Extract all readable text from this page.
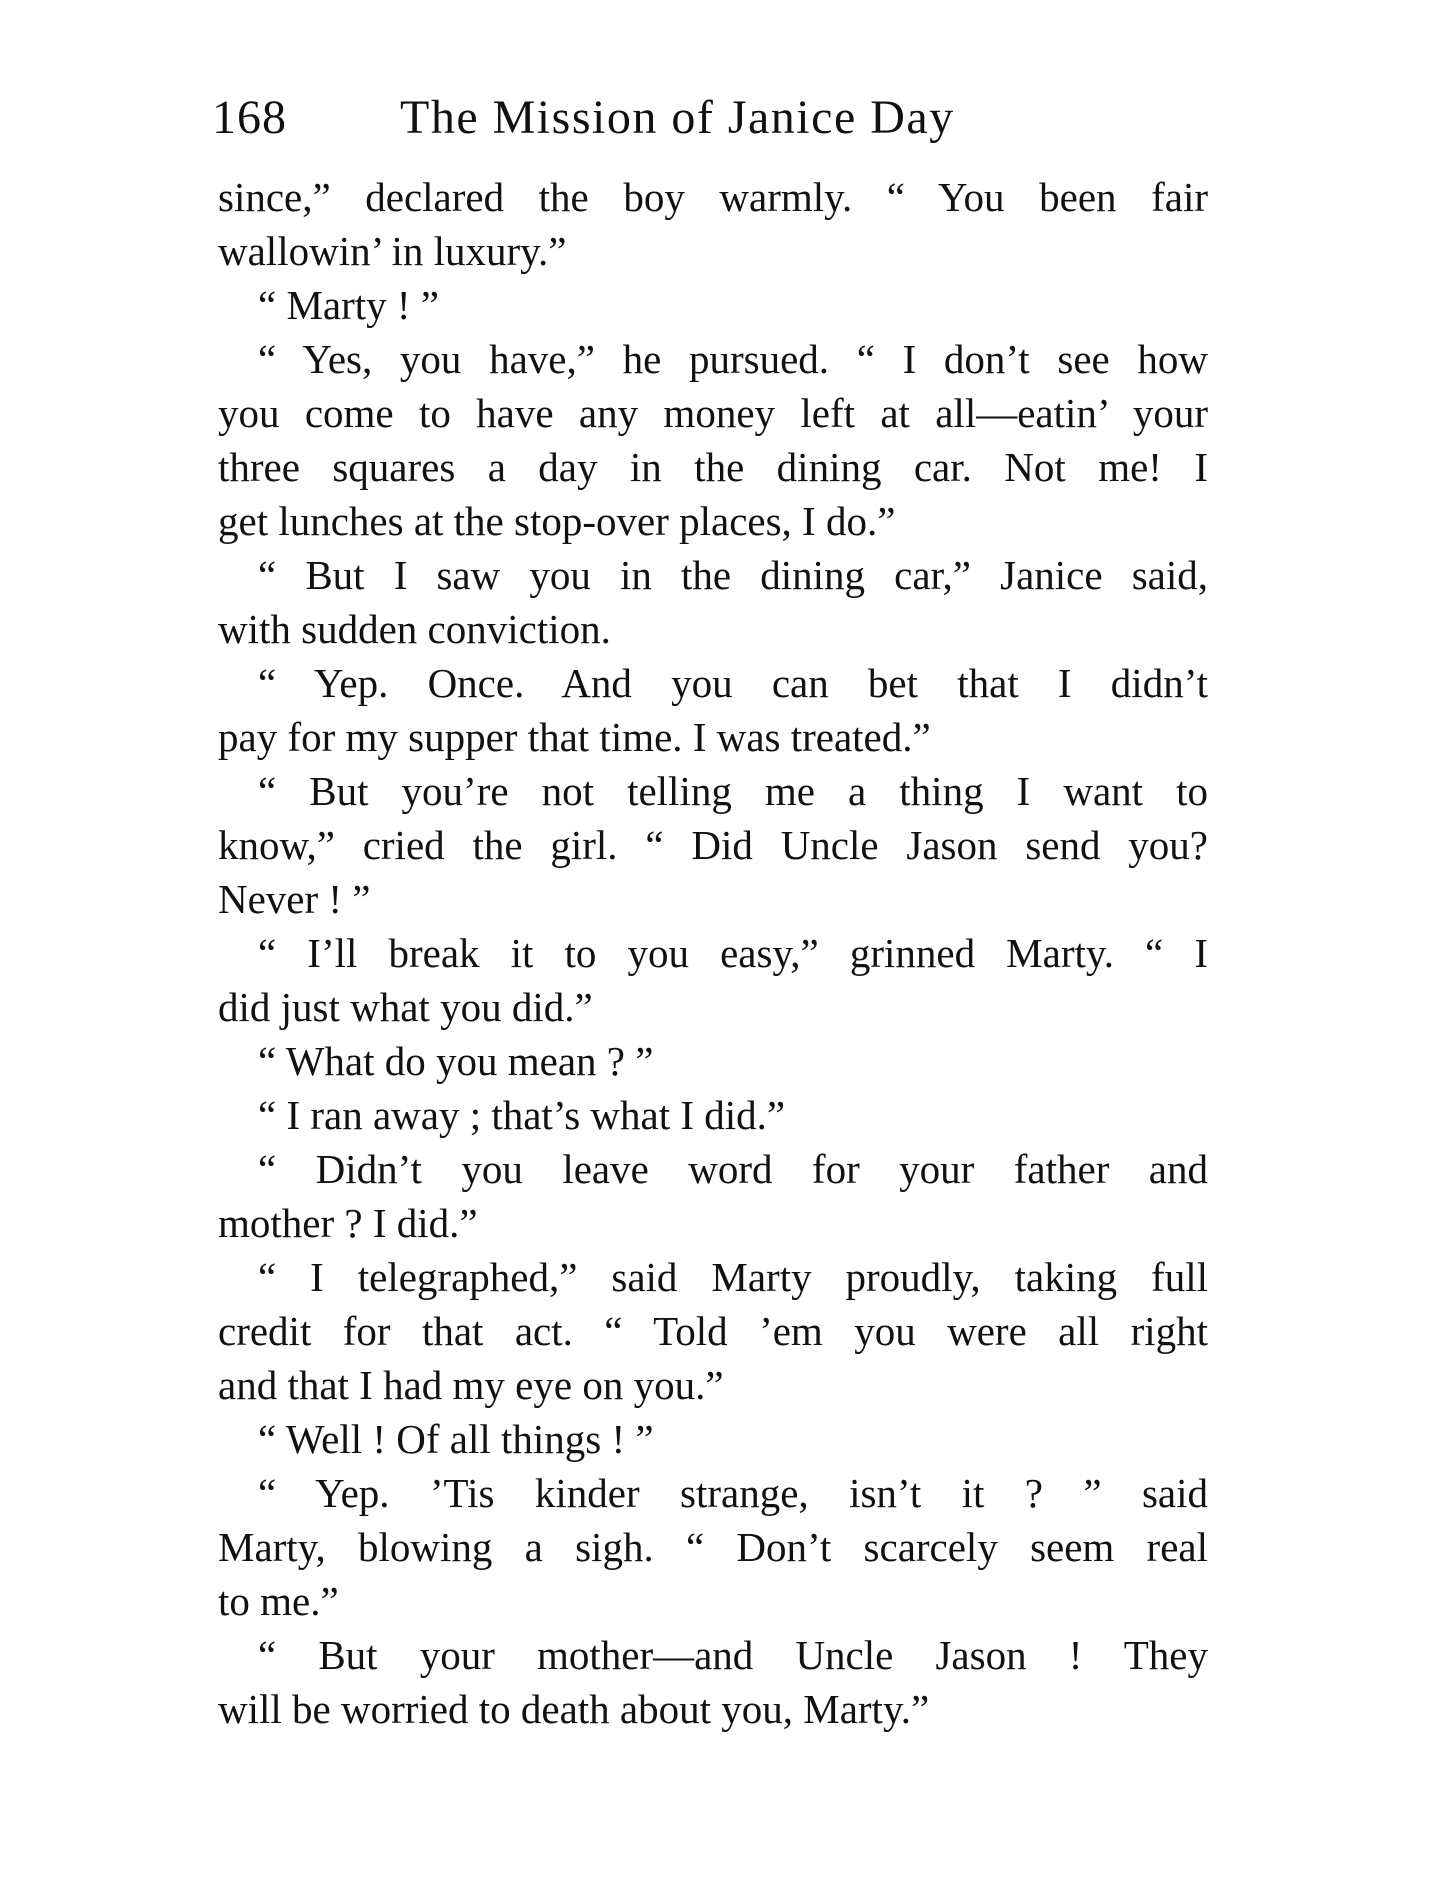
168 The Mission of Janice Day
since,” declared the boy warmly. “ You been fair
wallowin’ in luxury.”
“ Marty ! ”
“ Yes, you have,” he pursued. “ I don’t see how
you come to have any money left at all—eatin’ your
three squares a day in the dining car. Not me! I
get lunches at the stop-over places, I do.”
“ But I saw you in the dining car,” Janice said,
with sudden conviction.
“ Yep. Once. And you can bet that I didn’t
pay for my supper that time. I was treated.”
“ But you’re not telling me a thing I want to
know,” cried the girl. “ Did Uncle Jason send you?
Never ! ”
“ I’ll break it to you easy,” grinned Marty. “ I
did just what you did.”
“ What do you mean ? ”
“ I ran away ; that’s what I did.”
“ Didn’t you leave word for your father and
mother ? I did.”
“ I telegraphed,” said Marty proudly, taking full
credit for that act. “ Told ’em you were all right
and that I had my eye on you.”
“ Well ! Of all things ! ”
“ Yep. ’Tis kinder strange, isn’t it ? ” said
Marty, blowing a sigh. “ Don’t scarcely seem real
to me.”
“ But your mother—and Uncle Jason ! They
will be worried to death about you, Marty.”
